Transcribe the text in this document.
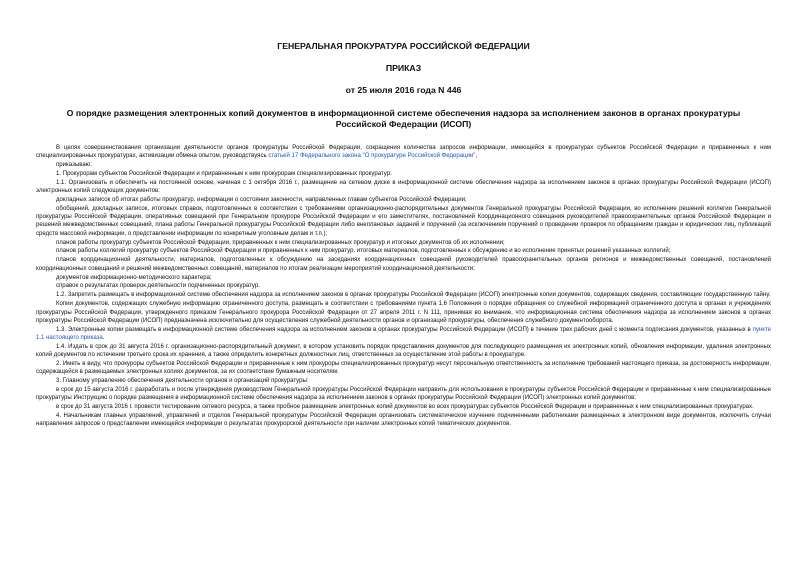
ГЕНЕРАЛЬНАЯ ПРОКУРАТУРА РОССИЙСКОЙ ФЕДЕРАЦИИ

ПРИКАЗ

от 25 июля 2016 года N 446

О порядке размещения электронных копий документов в информационной системе обеспечения надзора за исполнением законов в органах прокуратуры Российской Федерации (ИСОП)

В целях совершенствования организации деятельности органов прокуратуры Российской Федерации, сокращения количества запросов информации, имеющейся в прокуратурах субъектов Российской Федерации и приравненных к ним специализированных прокуратурах, активизации обмена опытом, руководствуясь статьей 17 Федерального закона "О прокуратуре Российской Федерации",

приказываю:

1. Прокурорам субъектов Российской Федерации и приравненным к ним прокурорам специализированных прокуратур:

1.1. Организовать и обеспечить на постоянной основе, начиная с 1 октября 2016 г., размещение на сетевом диске в информационной системе обеспечения надзора за исполнением законов в органах прокуратуры Российской Федерации (ИСОП) электронных копий следующих документов:

докладных записок об итогах работы прокуратур, информации о состоянии законности, направленных главам субъектов Российской Федерации;

обобщений, докладных записок, итоговых справок, подготовленных в соответствии с требованиями организационно-распорядительных документов Генеральной прокуратуры Российской Федерации, во исполнение решений коллегии Генеральной прокуратуры Российской Федерации, оперативных совещаний при Генеральном прокуроре Российской Федерации и его заместителях, постановлений Координационного совещания руководителей правоохранительных органов Российской Федерации и решений межведомственных совещаний, плана работы Генеральной прокуратуры Российской Федерации либо внеплановых заданий и поручений (за исключением поручений о проведении проверок по обращениям граждан и юридических лиц, публикаций средств массовой информации, о представлении информации по конкретным уголовным делам и т.п.);

планов работы прокуратур субъектов Российской Федерации, приравненных к ним специализированных прокуратур и итоговых документов об их исполнении;

планов работы коллегий прокуратур субъектов Российской Федерации и приравненных к ним прокуратур, итоговых материалов, подготовленных к обсуждению и во исполнение принятых решений указанных коллегий;

планов координационной деятельности, материалов, подготовленных к обсуждению на заседаниях координационных совещаний руководителей правоохранительных органов регионов и межведомственных совещаний, постановлений координационных совещаний и решений межведомственных совещаний, материалов по итогам реализации мероприятий координационной деятельности;

документов информационно-методического характера;

справок о результатах проверок деятельности подчиненных прокуратур.

1.2. Запретить размещать в информационной системе обеспечения надзора за исполнением законов в органах прокуратуры Российской Федерации (ИСОП) электронные копии документов, содержащих сведения, составляющие государственную тайну.

Копии документов, содержащих служебную информацию ограниченного доступа, размещать в соответствии с требованиями пункта 1.6 Положения о порядке обращения со служебной информацией ограниченного доступа в органах и учреждениях прокуратуры Российской Федерации, утвержденного приказом Генерального прокурора Российской Федерации от 27 апреля 2011 г. N 111, принимая во внимание, что информационная система обеспечения надзора за исполнением законов в органах прокуратуры Российской Федерации (ИСОП) предназначена исключительно для осуществления служебной деятельности органов и организаций прокуратуры, обеспечения служебного документооборота.

1.3. Электронные копии размещать в информационной системе обеспечения надзора за исполнением законов в органах прокуратуры Российской Федерации (ИСОП) в течение трех рабочих дней с момента подписания документов, указанных в пункте 1.1 настоящего приказа.

1.4. Издать в срок до 31 августа 2016 г. организационно-распорядительный документ, в котором установить порядок представления документов для последующего размещения их электронных копий, обновления информации, удаления электронных копий документов по истечении третьего срока их хранения, а также определить конкретных должностных лиц, ответственных за осуществление этой работы в прокуратуре.

2. Иметь в виду, что прокуроры субъектов Российской Федерации и приравненные к ним прокуроры специализированных прокуратур несут персональную ответственность за исполнение требований настоящего приказа, за достоверность информации, содержащейся в размещаемых электронных копиях документов, за их соответствие бумажным носителям.

3. Главному управлению обеспечения деятельности органов и организаций прокуратуры:

в срок до 15 августа 2016 г. разработать и после утверждения руководством Генеральной прокуратуры Российской Федерации направить для использования в прокуратуры субъектов Российской Федерации и приравненные к ним специализированные прокуратуры Инструкцию о порядке размещения в информационной системе обеспечения надзора за исполнением законов в органах прокуратуры Российской Федерации (ИСОП) электронных копий документов;

в срок до 31 августа 2016 г. провести тестирование сетевого ресурса, а также пробное размещение электронных копий документов во всех прокуратурах субъектов Российской Федерации и приравненных к ним специализированных прокуратурах.

4. Начальникам главных управлений, управлений и отделов Генеральной прокуратуры Российской Федерации организовать систематическое изучение подчиненными работниками размещенных в электронном виде документов, исключить случаи направления запросов о представлении имеющейся информации о результатах прокурорской деятельности при наличии электронных копий тематических документов.
